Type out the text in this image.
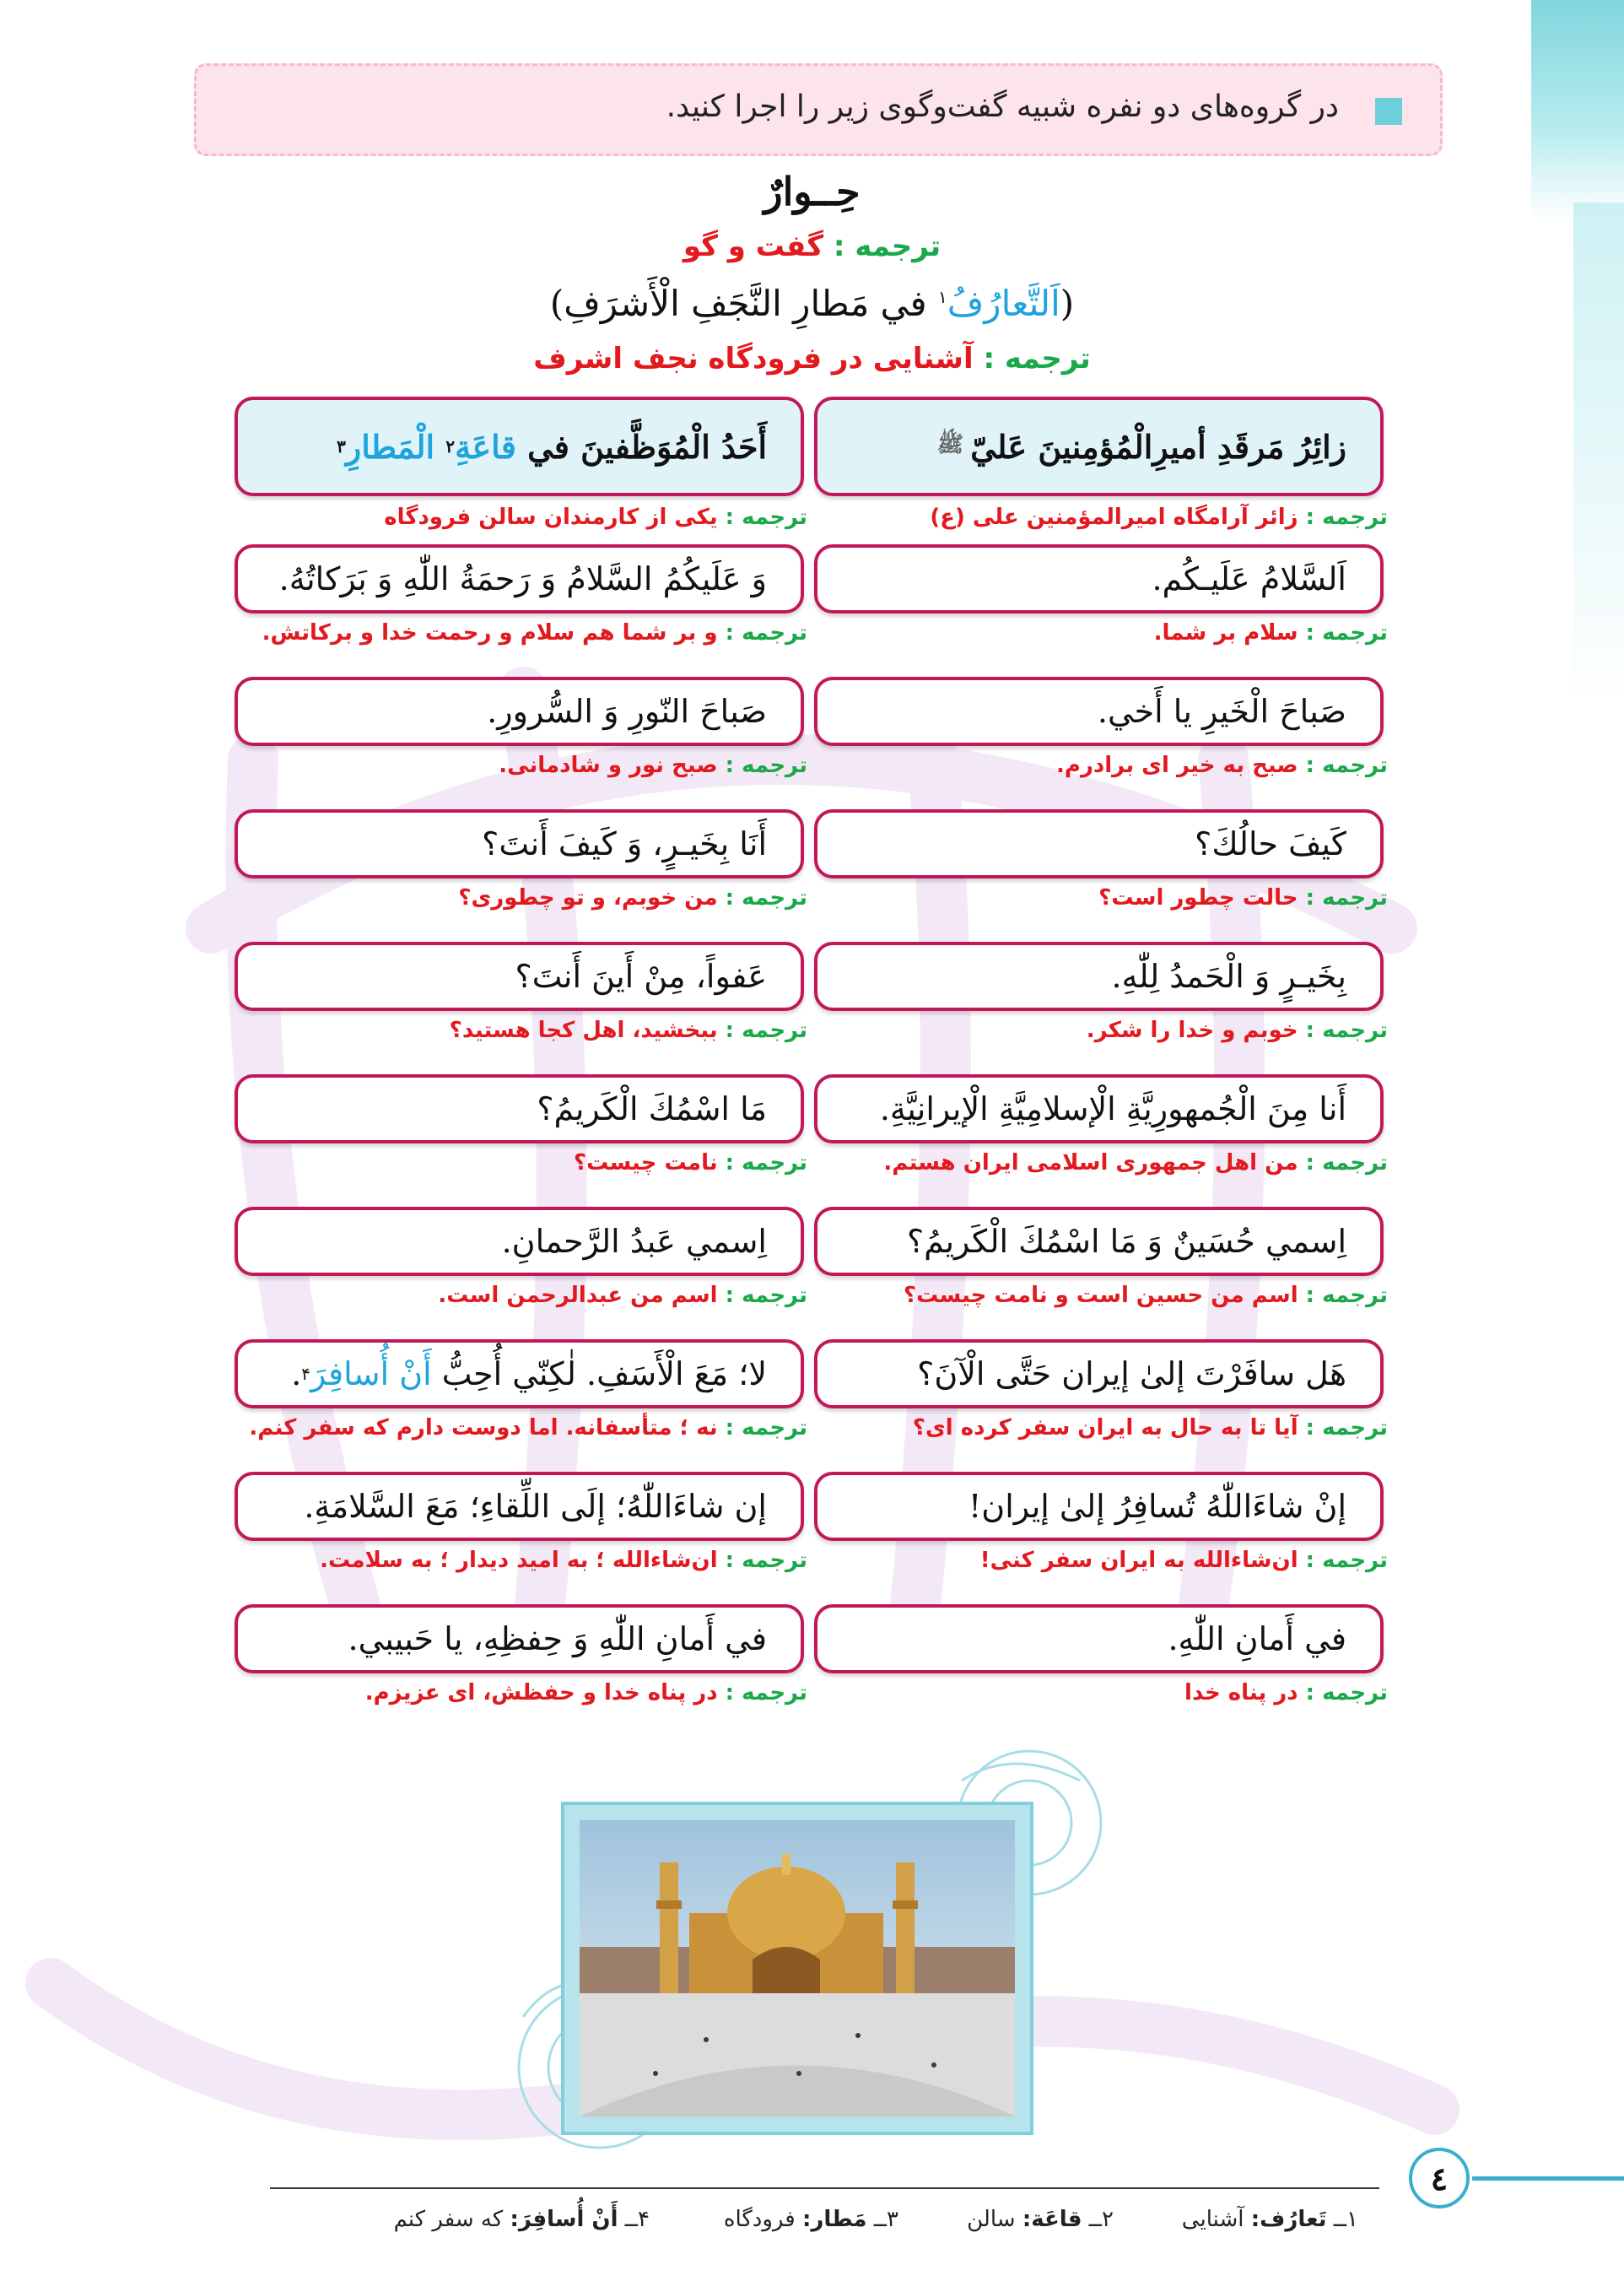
در گروه‌های دو نفره شبیه گفت‌وگوی زیر را اجرا کنید.
حِــوارٌ
ترجمه : گفت و گو
(اَلتَّعارُفُ$^۱$ في مَطارِ النَّجَفِ الْأَشرَفِ)
ترجمه : آشنایی در فرودگاه نجف اشرف
زائِرُ مَرقَدِ أميرِالْمُؤمِنينَ عَليّ
ﷺ
أَحَدُ الْمُوَظَّفينَ في

قاعَةِ
۲

الْمَطارِ
۳
ترجمه : زائر آرامگاه امیرالمؤمنین علی (ع)
ترجمه : یکی از کارمندان سالن فرودگاه
اَلسَّلامُ عَلَيـكُم.
وَ عَلَيكُمُ السَّلامُ وَ رَحمَةُ اللّٰهِ وَ بَرَكاتُهُ.
ترجمه : سلام بر شما.
ترجمه : و بر شما هم سلام و رحمت خدا و برکاتش.
صَباحَ الْخَيرِ يا أَخي.
صَباحَ النّورِ وَ السُّرورِ.
ترجمه : صبح به خیر ای برادرم.
ترجمه : صبح نور و شادمانی.
كَيفَ حالُكَ؟
أَنَا بِخَيـرٍ، وَ كَيفَ أَنتَ؟
ترجمه : حالت چطور است؟
ترجمه : من خوبم، و تو چطوری؟
بِخَيـرٍ وَ الْحَمدُ لِلّٰهِ.
عَفواً، مِنْ أَينَ أَنتَ؟
ترجمه : خوبم و خدا را شکر.
ترجمه : ببخشید، اهل کجا هستید؟
أَنا مِنَ الْجُمهورِيَّةِ الْإسلامِيَّةِ الْإيرانِيَّةِ.
مَا اسْمُكَ الْكَريمُ؟
ترجمه : من اهل جمهوری اسلامی ایران هستم.
ترجمه : نامت چیست؟
اِسمي حُسَينٌ وَ مَا اسْمُكَ الْكَريمُ؟
اِسمي عَبدُ الرَّحمانِ.
ترجمه : اسم من حسین است و نامت چیست؟
ترجمه : اسم من عبدالرحمن است.
هَل سافَرْتَ إلىٰ إيران حَتَّى الْآنَ؟
لا؛ مَعَ الْأَسَفِ. لٰكِنّي أُحِبُّ

أَنْ أُسافِرَ
۴
.
ترجمه : آیا تا به حال به ایران سفر کرده ای؟
ترجمه : نه ؛ متأسفانه. اما دوست دارم که سفر کنم.
إنْ شاءَاللّٰهُ تُسافِرُ إلىٰ إيران!
إن شاءَاللّٰهُ؛ إلَى اللِّقاءِ؛ مَعَ السَّلامَةِ.
ترجمه : ان‌شاءالله به ایران سفر کنی!
ترجمه : ان‌شاءالله ؛ به امید دیدار ؛ به سلامت.
في أَمانِ اللّٰهِ.
في أَمانِ اللّٰهِ وَ حِفظِهِ، يا حَبيبي.
ترجمه : در پناه خدا
ترجمه : در پناه خدا و حفظش، ای عزیزم.
٤
۱ــ تَعارُف: آشنایی
۲ــ قاعَة: سالن
۳ــ مَطار: فرودگاه
۴ــ أَنْ أُسافِرَ: که سفر کنم
